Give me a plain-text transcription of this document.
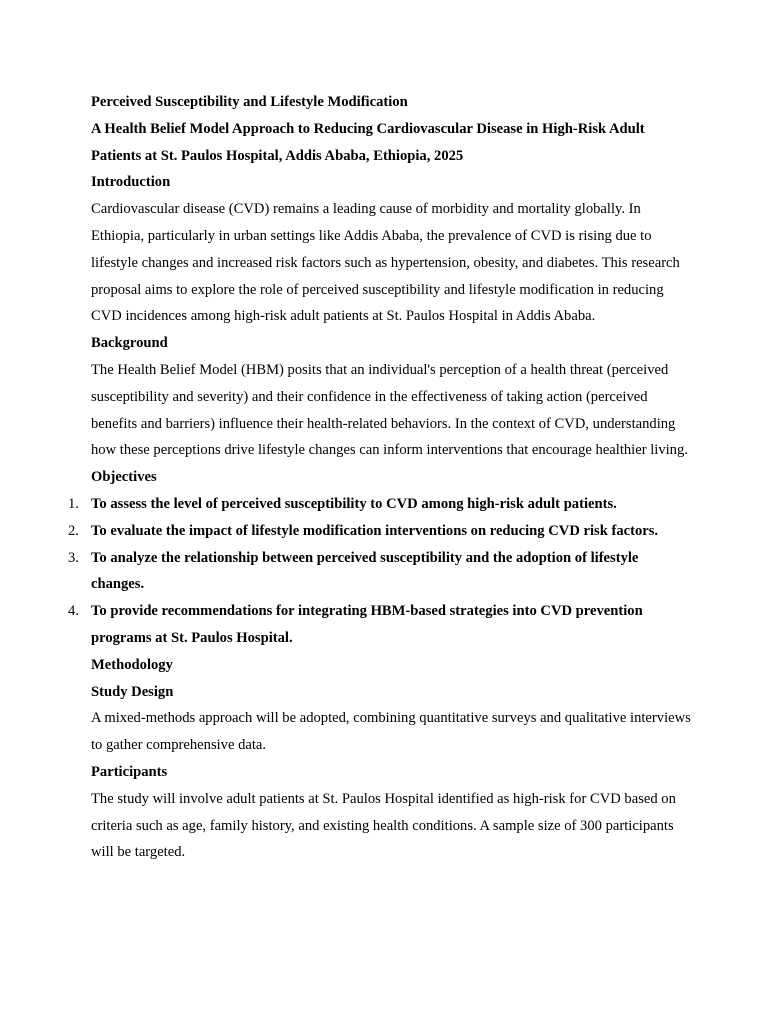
Perceived Susceptibility and Lifestyle Modification

A Health Belief Model Approach to Reducing Cardiovascular Disease in High-Risk Adult Patients at St. Paulos Hospital, Addis Ababa, Ethiopia, 2025

Introduction

Cardiovascular disease (CVD) remains a leading cause of morbidity and mortality globally. In Ethiopia, particularly in urban settings like Addis Ababa, the prevalence of CVD is rising due to lifestyle changes and increased risk factors such as hypertension, obesity, and diabetes. This research proposal aims to explore the role of perceived susceptibility and lifestyle modification in reducing CVD incidences among high-risk adult patients at St. Paulos Hospital in Addis Ababa.

Background

The Health Belief Model (HBM) posits that an individual's perception of a health threat (perceived susceptibility and severity) and their confidence in the effectiveness of taking action (perceived benefits and barriers) influence their health-related behaviors. In the context of CVD, understanding how these perceptions drive lifestyle changes can inform interventions that encourage healthier living.

Objectives

1. To assess the level of perceived susceptibility to CVD among high-risk adult patients.
2. To evaluate the impact of lifestyle modification interventions on reducing CVD risk factors.
3. To analyze the relationship between perceived susceptibility and the adoption of lifestyle changes.
4. To provide recommendations for integrating HBM-based strategies into CVD prevention programs at St. Paulos Hospital.

Methodology

Study Design

A mixed-methods approach will be adopted, combining quantitative surveys and qualitative interviews to gather comprehensive data.

Participants

The study will involve adult patients at St. Paulos Hospital identified as high-risk for CVD based on criteria such as age, family history, and existing health conditions. A sample size of 300 participants will be targeted.
